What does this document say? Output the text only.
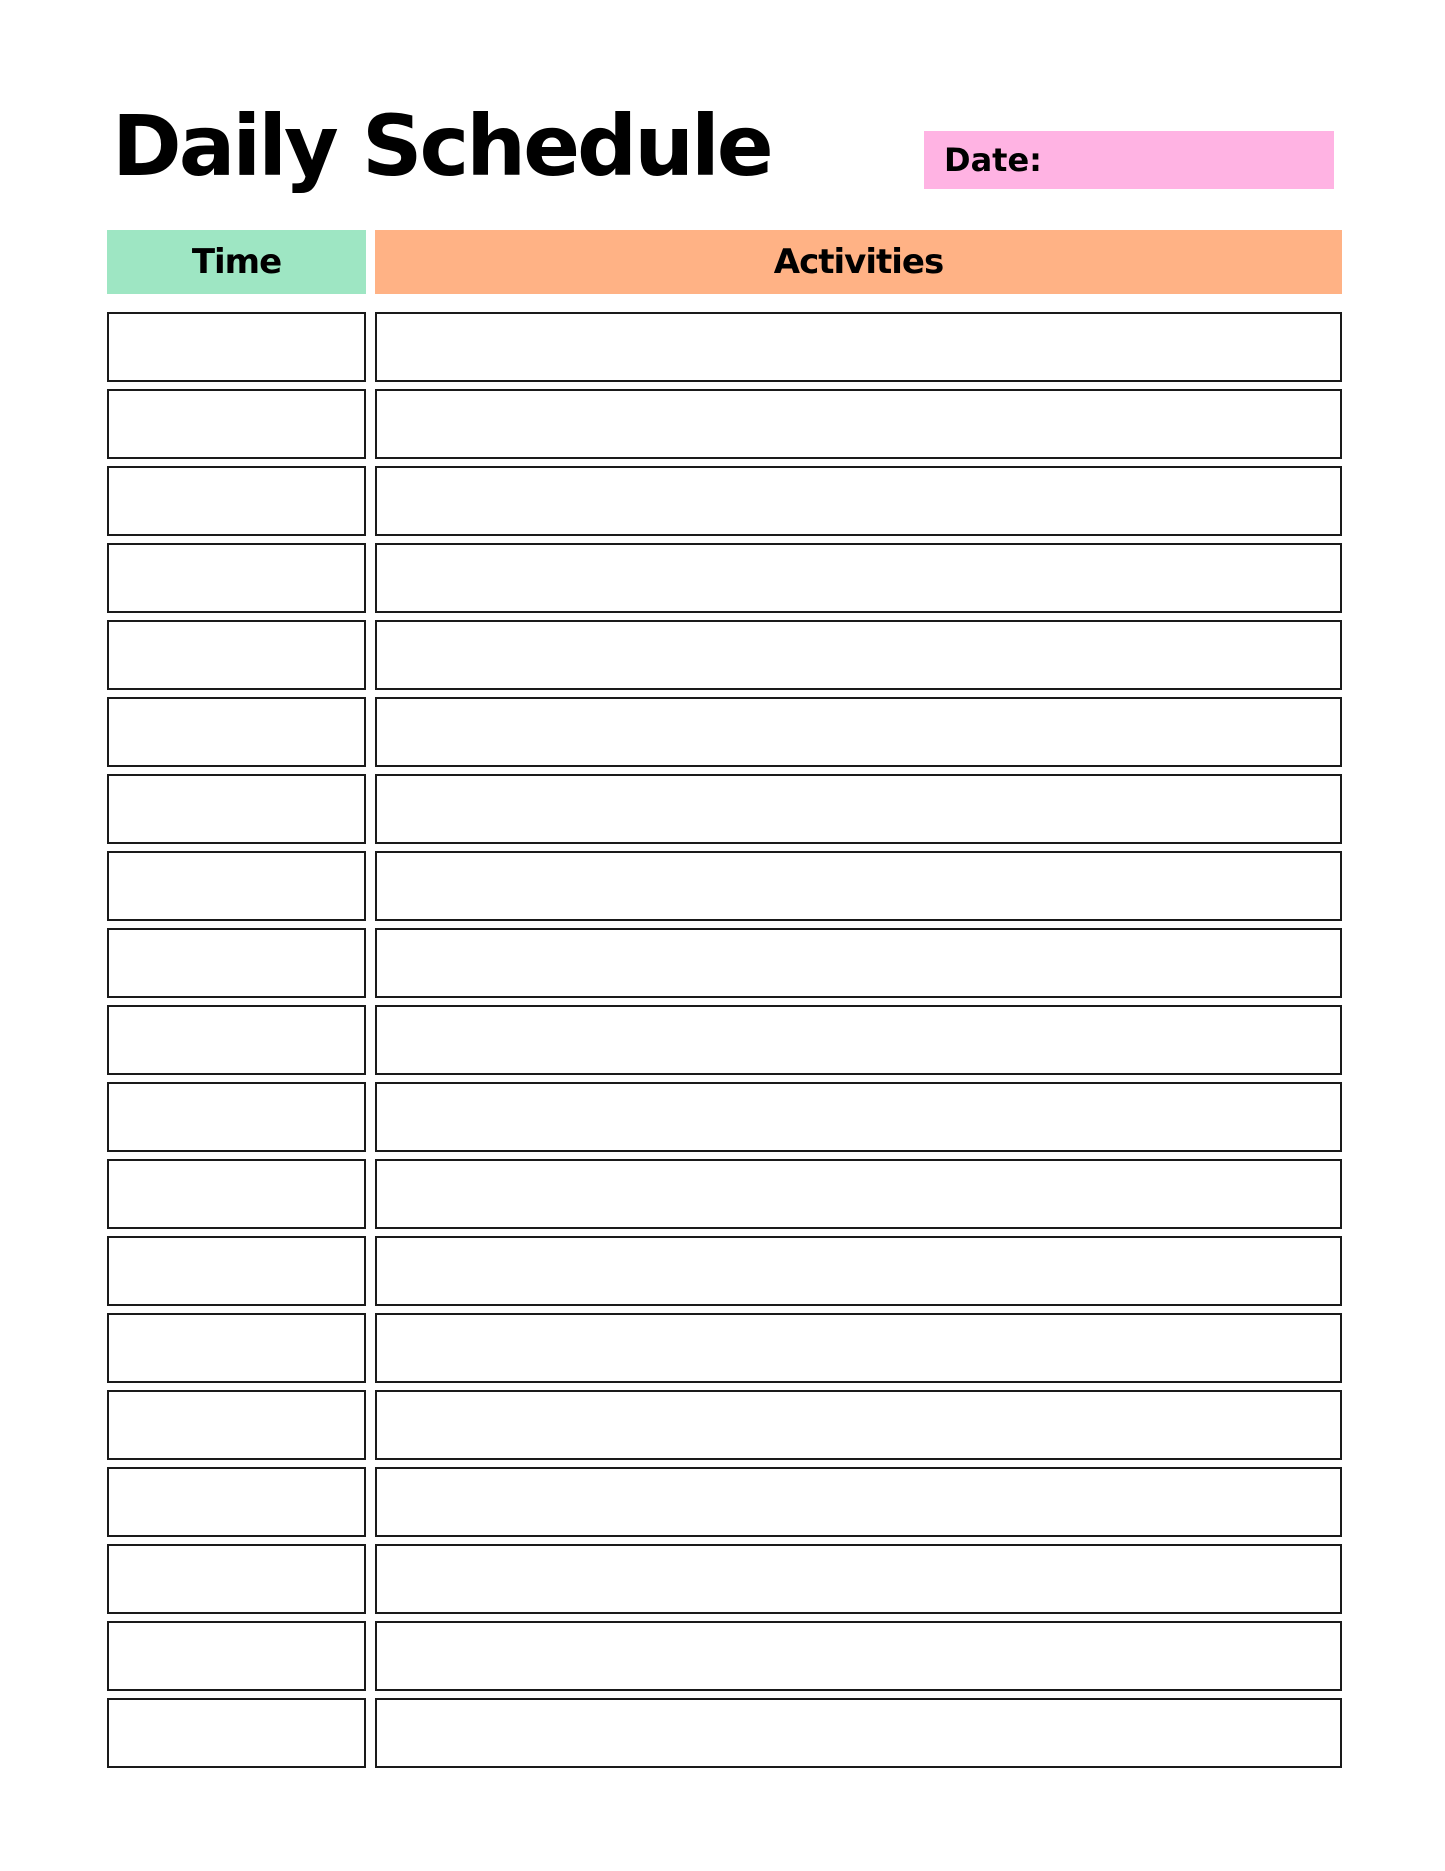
Daily Schedule	Date:
Time	Activities
